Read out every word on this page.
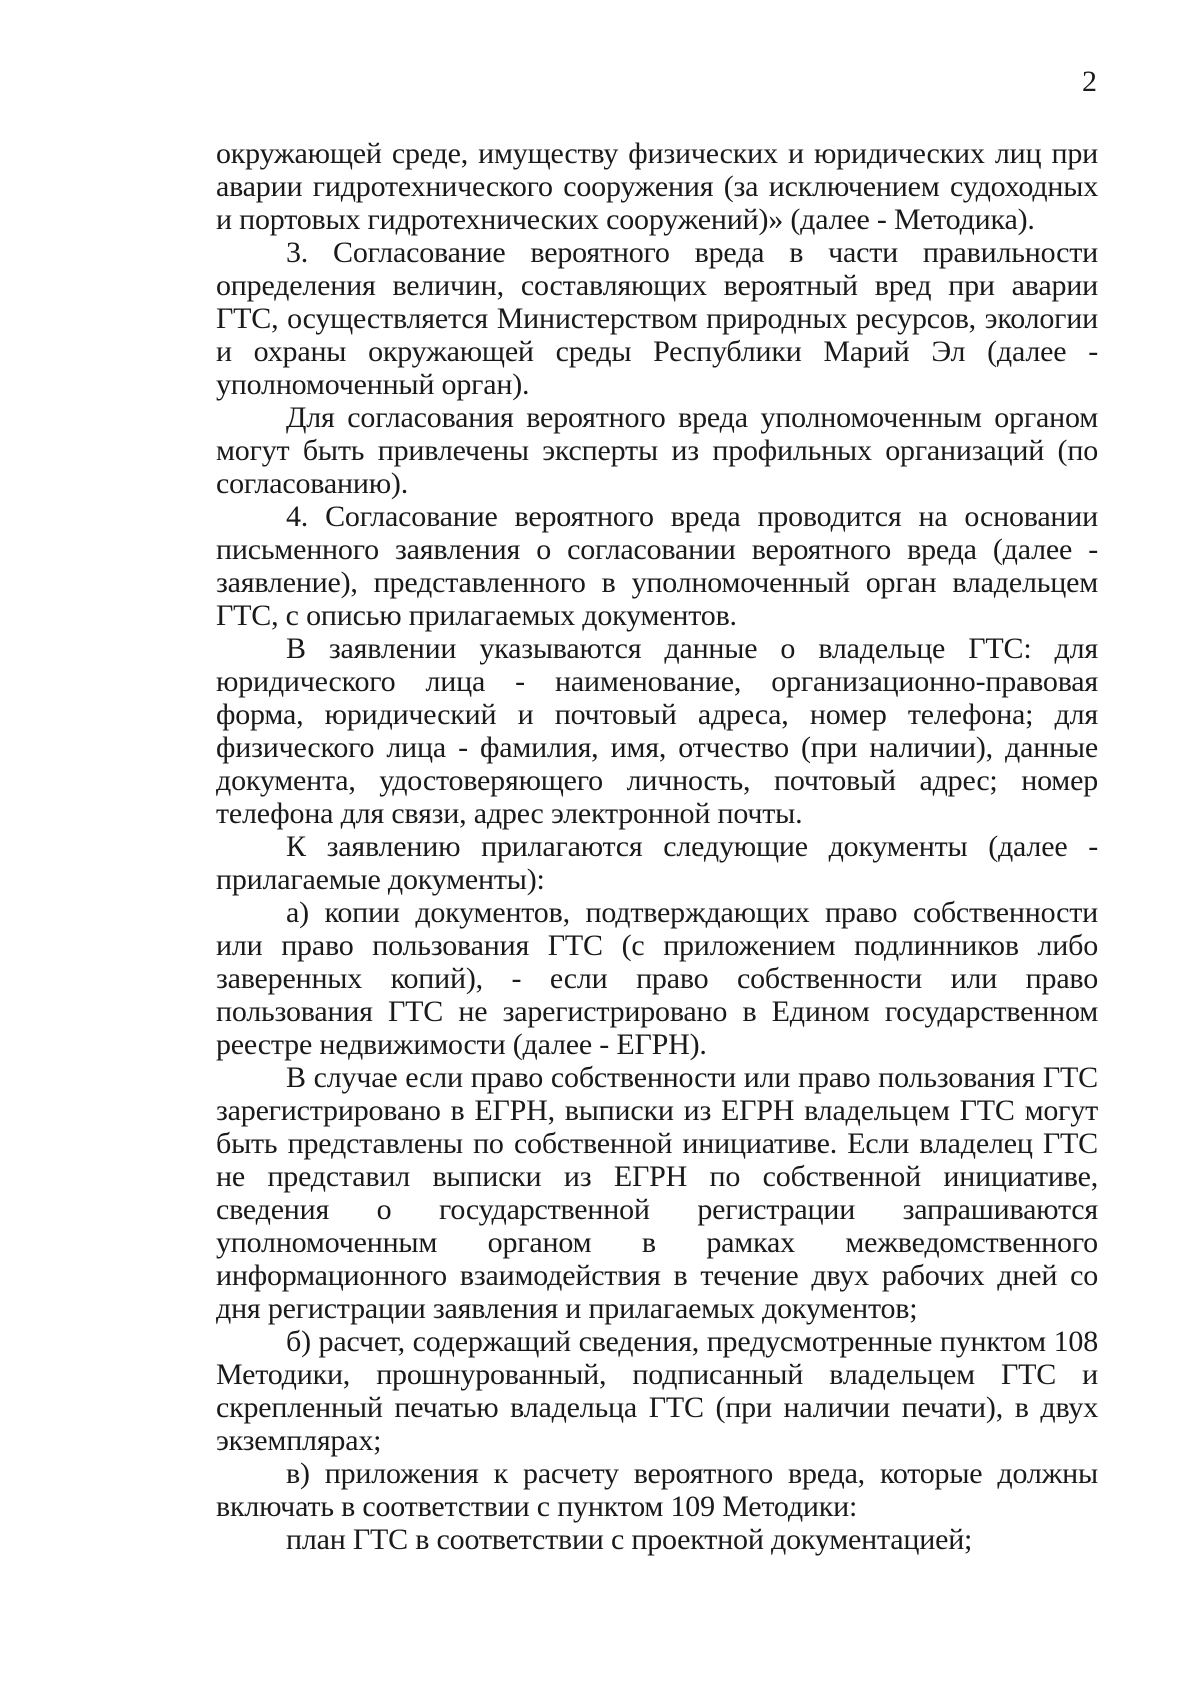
2

окружающей среде, имуществу физических и юридических лиц при аварии гидротехнического сооружения (за исключением судоходных и портовых гидротехнических сооружений)» (далее - Методика).

3. Согласование вероятного вреда в части правильности определения величин, составляющих вероятный вред при аварии ГТС, осуществляется Министерством природных ресурсов, экологии и охраны окружающей среды Республики Марий Эл (далее - уполномоченный орган).

Для согласования вероятного вреда уполномоченным органом могут быть привлечены эксперты из профильных организаций (по согласованию).

4. Согласование вероятного вреда проводится на основании письменного заявления о согласовании вероятного вреда (далее - заявление), представленного в уполномоченный орган владельцем ГТС, с описью прилагаемых документов.

В заявлении указываются данные о владельце ГТС: для юридического лица - наименование, организационно-правовая форма, юридический и почтовый адреса, номер телефона; для физического лица - фамилия, имя, отчество (при наличии), данные документа, удостоверяющего личность, почтовый адрес; номер телефона для связи, адрес электронной почты.

К заявлению прилагаются следующие документы (далее - прилагаемые документы):

а) копии документов, подтверждающих право собственности или право пользования ГТС (с приложением подлинников либо заверенных копий), - если право собственности или право пользования ГТС не зарегистрировано в Едином государственном реестре недвижимости (далее - ЕГРН).

В случае если право собственности или право пользования ГТС зарегистрировано в ЕГРН, выписки из ЕГРН владельцем ГТС могут быть представлены по собственной инициативе. Если владелец ГТС не представил выписки из ЕГРН по собственной инициативе, сведения о государственной регистрации запрашиваются уполномоченным органом в рамках межведомственного информационного взаимодействия в течение двух рабочих дней со дня регистрации заявления и прилагаемых документов;

б) расчет, содержащий сведения, предусмотренные пунктом 108 Методики, прошнурованный, подписанный владельцем ГТС и скрепленный печатью владельца ГТС (при наличии печати), в двух экземплярах;

в) приложения к расчету вероятного вреда, которые должны включать в соответствии с пунктом 109 Методики:

план ГТС в соответствии с проектной документацией;
